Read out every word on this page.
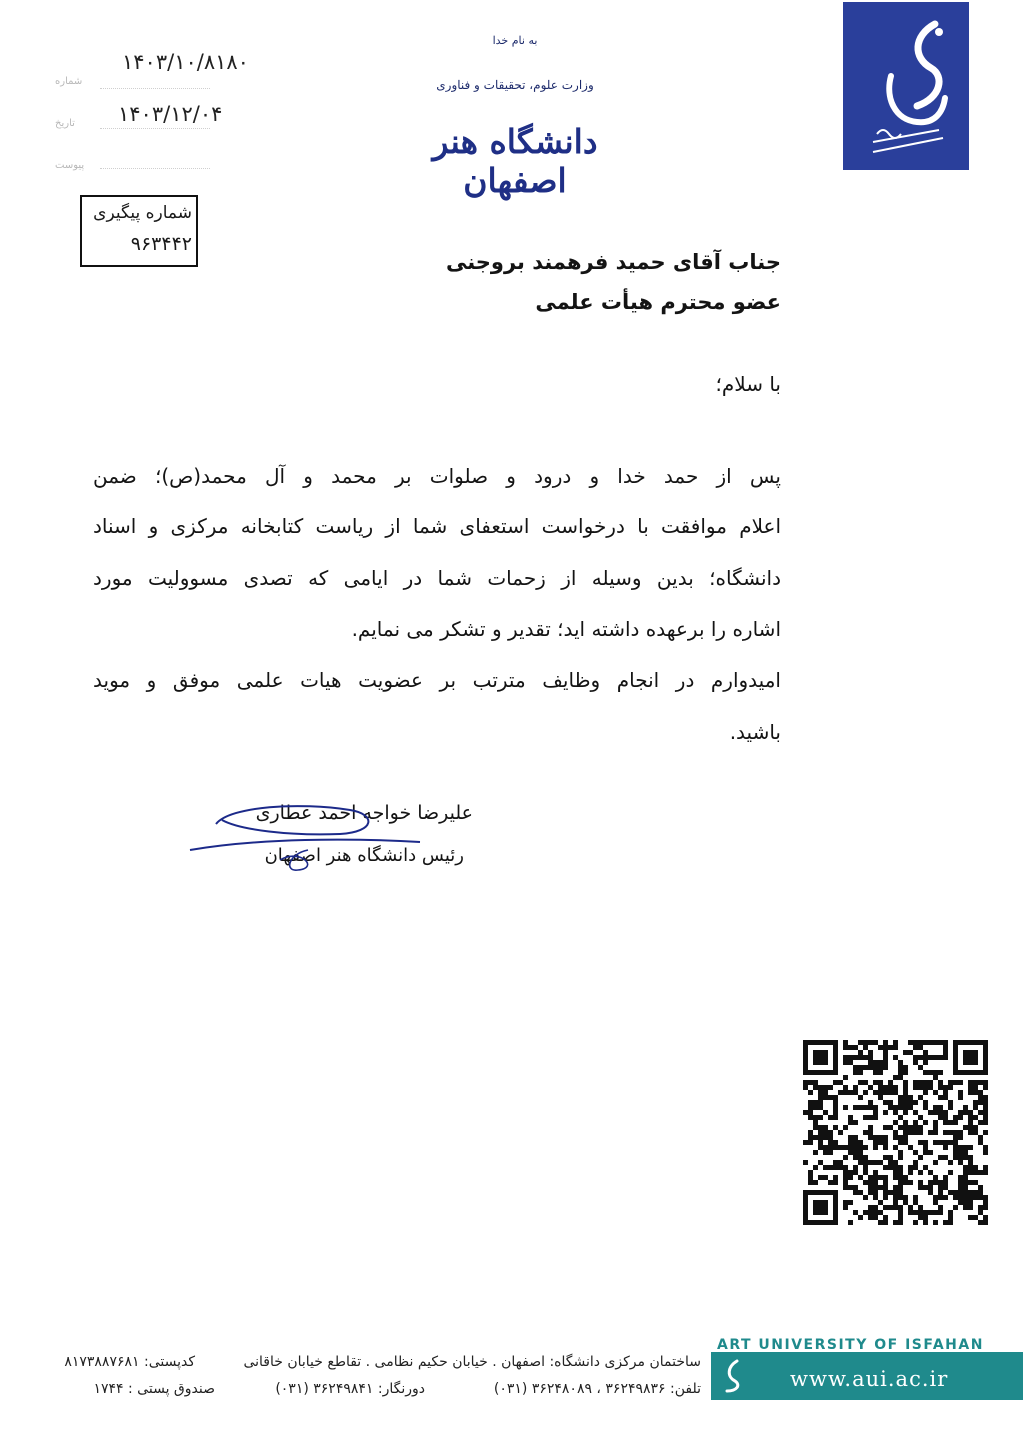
به نام خدا
وزارت علوم، تحقیقات و فناوری
دانشگاه هنر اصفهان
شماره
۱۴۰۳/۱۰/۸۱۸۰
تاریخ ۱۴۰۳/۱۲/۰۴
پیوست
شماره پیگیری
۹۶۳۴۴۲
جناب آقای حمید فرهمند بروجنی
عضو محترم هیأت علمی
با سلام؛
پس از حمد خدا و درود و صلوات بر محمد و آل محمد(ص)؛ ضمن
اعلام موافقت با درخواست استعفای شما از ریاست کتابخانه مرکزی و اسناد
دانشگاه؛ بدین وسیله از زحمات شما در ایامی که تصدی مسوولیت مورد
اشاره را برعهده داشته اید؛ تقدیر و تشکر می نمایم.
امیدوارم در انجام وظایف مترتب بر عضویت هیات علمی موفق و موید
باشید.
علیرضا خواجه احمد عطاری
رئیس دانشگاه هنر اصفهان
ART UNIVERSITY OF ISFAHAN
www.aui.ac.ir
ساختمان مرکزی دانشگاه: اصفهان . خیابان حکیم نظامی . تقاطع خیابان خاقانی
تلفن: ۳۶۲۴۹۸۳۶ ، ۳۶۲۴۸۰۸۹ (۰۳۱)
دورنگار: ۳۶۲۴۹۸۴۱ (۰۳۱)
کدپستی: ۸۱۷۳۸۸۷۶۸۱
صندوق پستی : ۱۷۴۴
